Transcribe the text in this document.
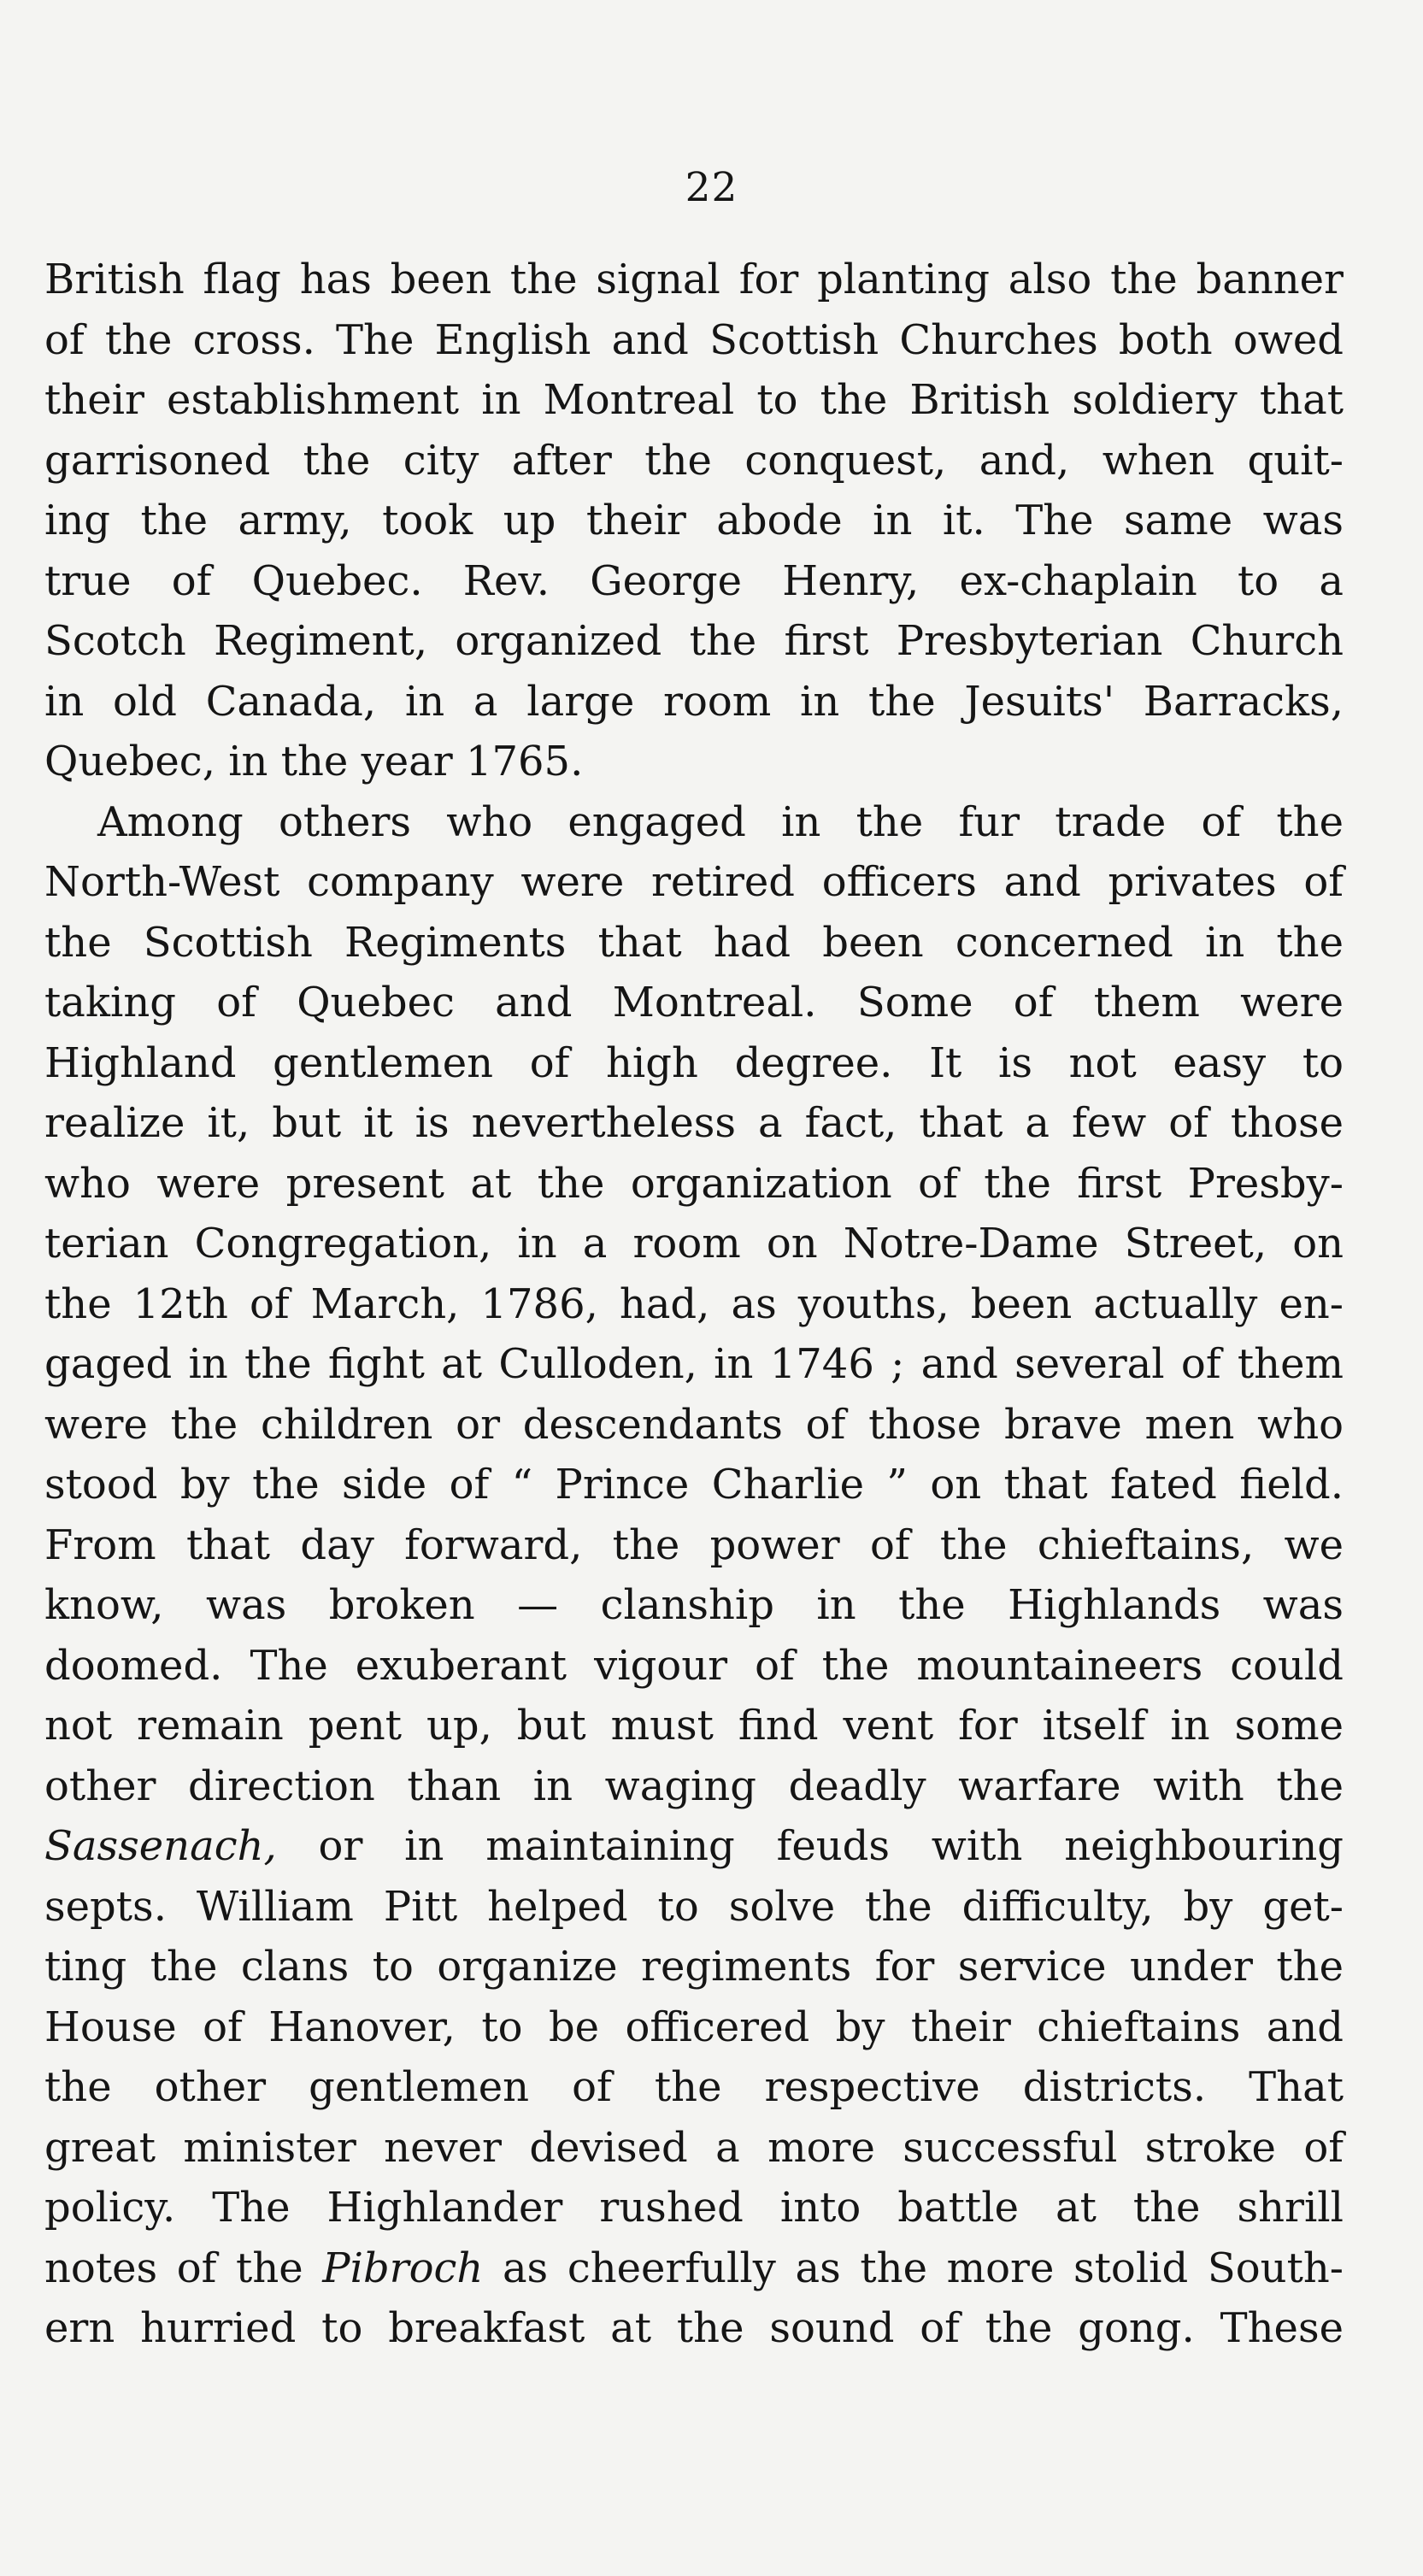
22
British flag has been the signal for planting also the banner
of the cross. The English and Scottish Churches both owed
their establishment in Montreal to the British soldiery that
garrisoned the city after the conquest, and, when quit-
ing the army, took up their abode in it. The same was
true of Quebec. Rev. George Henry, ex-chaplain to a
Scotch Regiment, organized the first Presbyterian Church
in old Canada, in a large room in the Jesuits' Barracks,
Quebec, in the year 1765.
Among others who engaged in the fur trade of the
North-West company were retired officers and privates of
the Scottish Regiments that had been concerned in the
taking of Quebec and Montreal. Some of them were
Highland gentlemen of high degree. It is not easy to
realize it, but it is nevertheless a fact, that a few of those
who were present at the organization of the first Presby-
terian Congregation, in a room on Notre-Dame Street, on
the 12th of March, 1786, had, as youths, been actually en-
gaged in the fight at Culloden, in 1746 ; and several of them
were the children or descendants of those brave men who
stood by the side of “ Prince Charlie ” on that fated field.
From that day forward, the power of the chieftains, we
know, was broken — clanship in the Highlands was
doomed. The exuberant vigour of the mountaineers could
not remain pent up, but must find vent for itself in some
other direction than in waging deadly warfare with the
Sassenach, or in maintaining feuds with neighbouring
septs. William Pitt helped to solve the difficulty, by get-
ting the clans to organize regiments for service under the
House of Hanover, to be officered by their chieftains and
the other gentlemen of the respective districts. That
great minister never devised a more successful stroke of
policy. The Highlander rushed into battle at the shrill
notes of the Pibroch as cheerfully as the more stolid South-
ern hurried to breakfast at the sound of the gong. These
